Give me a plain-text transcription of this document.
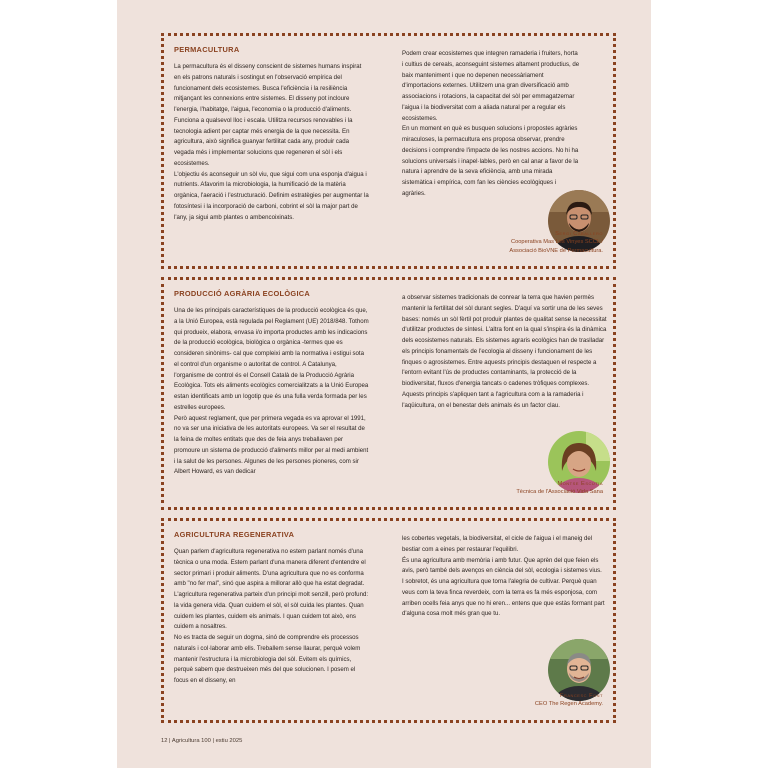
PERMACULTURA

La permacultura és el disseny conscient de sistemes humans inspirat en els patrons naturals i sostingut en l'observació empírica del funcionament dels ecosistemes. Busca l'eficiència i la resiliència mitjançant les connexions entre sistemes. El disseny pot incloure l'energia, l'habitatge, l'aigua, l'economia o la producció d'aliments.

Funciona a qualsevol lloc i escala. Utilitza recursos renovables i la tecnologia adient per captar més energia de la que necessita. En agricultura, això significa guanyar fertilitat cada any, produir cada vegada més i implementar solucions que regeneren el sòl i els ecosistemes.

L'objectiu és aconseguir un sòl viu, que sigui com una esponja d'aigua i nutrients. Afavorim la microbiologia, la humificació de la matèria orgànica, l'aeració i l'estructuració. Definim estratègies per augmentar la fotosíntesi i la incorporació de carboni, cobrint el sòl la major part de l'any, ja sigui amb plantes o ambencoixinats.

Podem crear ecosistemes que integren ramaderia i fruiters, horta i cultius de cereals, aconseguint sistemes altament productius, de baix manteniment i que no depenen necessàriament d'importacions externes. Utilitzem una gran diversificació amb associacions i rotacions, la capacitat del sòl per emmagatzemar l'aigua i la biodiversitat com a aliada natural per a regular els ecosistemes.

En un moment en què es busquen solucions i propostes agràries miraculoses, la permacultura ens proposa observar, prendre decisions i comprendre l'impacte de les nostres accions. No hi ha solucions universals i inapel·lables, però en cal anar a favor de la natura i aprendre de la seva eficiència, amb una mirada sistemàtica i empírica, com fan les ciències ecològiques i agràries.

Sergi Caballero
Cooperativa Mas Les Vinyes SCCL /
Associació BioVNE de Permacultura.
PRODUCCIÓ AGRÀRIA ECOLÒGICA

Una de les principals característiques de la producció ecològica és que, a la Unió Europea, està regulada pel Reglament (UE) 2018/848. Tothom qui produeix, elabora, envasa i/o importa productes amb les indicacions de la producció ecològica, biològica o orgànica -termes que es consideren sinònims- cal que compleixi amb la normativa i estigui sota el control d'un organisme o autoritat de control. A Catalunya, l'organisme de control és el Consell Català de la Producció Agrària Ecològica. Tots els aliments ecològics comercialitzats a la Unió Europea estan identificats amb un logotip que és una fulla verda formada per les estrelles europees.

Però aquest reglament, que per primera vegada es va aprovar el 1991, no va ser una iniciativa de les autoritats europees. Va ser el resultat de la feina de moltes entitats que des de feia anys treballaven per promoure un sistema de producció d'aliments millor per al medi ambient i la salut de les persones. Algunes de les persones pioneres, com sir Albert Howard, es van dedicar

a observar sistemes tradicionals de conrear la terra que havien permès mantenir la fertilitat del sòl durant segles. D'aquí va sortir una de les seves bases: només un sòl fèrtil pot produir plantes de qualitat sense la necessitat d'utilitzar productes de síntesi. L'altra font en la qual s'inspira és la dinàmica dels ecosistemes naturals. Els sistemes agraris ecològics han de traslladar els principis fonamentals de l'ecologia al disseny i funcionament de les finques o agrosistemes. Entre aquests principis destaquen el respecte a l'entorn evitant l'ús de productes contaminants, la protecció de la biodiversitat, fluxos d'energia tancats o cadenes tròfiques complexes. Aquests principis s'apliquen tant a l'agricultura com a la ramaderia i l'aqüicultura, on el benestar dels animals és un factor clau.

Montse Escútia
Tècnica de l'Associació Vida Sana
AGRICULTURA REGENERATIVA

Quan parlem d'agricultura regenerativa no estem parlant només d'una tècnica o una moda. Estem parlant d'una manera diferent d'entendre el sector primari i produir aliments. D'una agricultura que no es conforma amb "no fer mal", sinó que aspira a millorar allò que ha estat degradat.

L'agricultura regenerativa parteix d'un principi molt senzill, però profund: la vida genera vida. Quan cuidem el sòl, el sòl cuida les plantes. Quan cuidem les plantes, cuidem els animals. I quan cuidem tot això, ens cuidem a nosaltres.

No es tracta de seguir un dogma, sinó de comprendre els processos naturals i col·laborar amb ells. Treballem sense llaurar, perquè volem mantenir l'estructura i la microbiologia del sòl. Evitem els químics, perquè sabem que destrueixen més del que solucionen. I posem el focus en el disseny, en

les cobertes vegetals, la biodiversitat, el cicle de l'aigua i el maneig del bestiar com a eines per restaurar l'equilibri.

És una agricultura amb memòria i amb futur. Que aprèn del que feien els avis, però també dels avenços en ciència del sòl, ecologia i sistemes vius.

I sobretot, és una agricultura que torna l'alegria de cultivar. Perquè quan veus com la teva finca reverdeix, com la terra es fa més esponjosa, com arriben ocells feia anys que no hi eren... entens que que estàs formant part d'alguna cosa molt més gran que tu.

Francesc Font
CEO The Regen Academy.
12 | Agricultura 100 | estiu 2025
